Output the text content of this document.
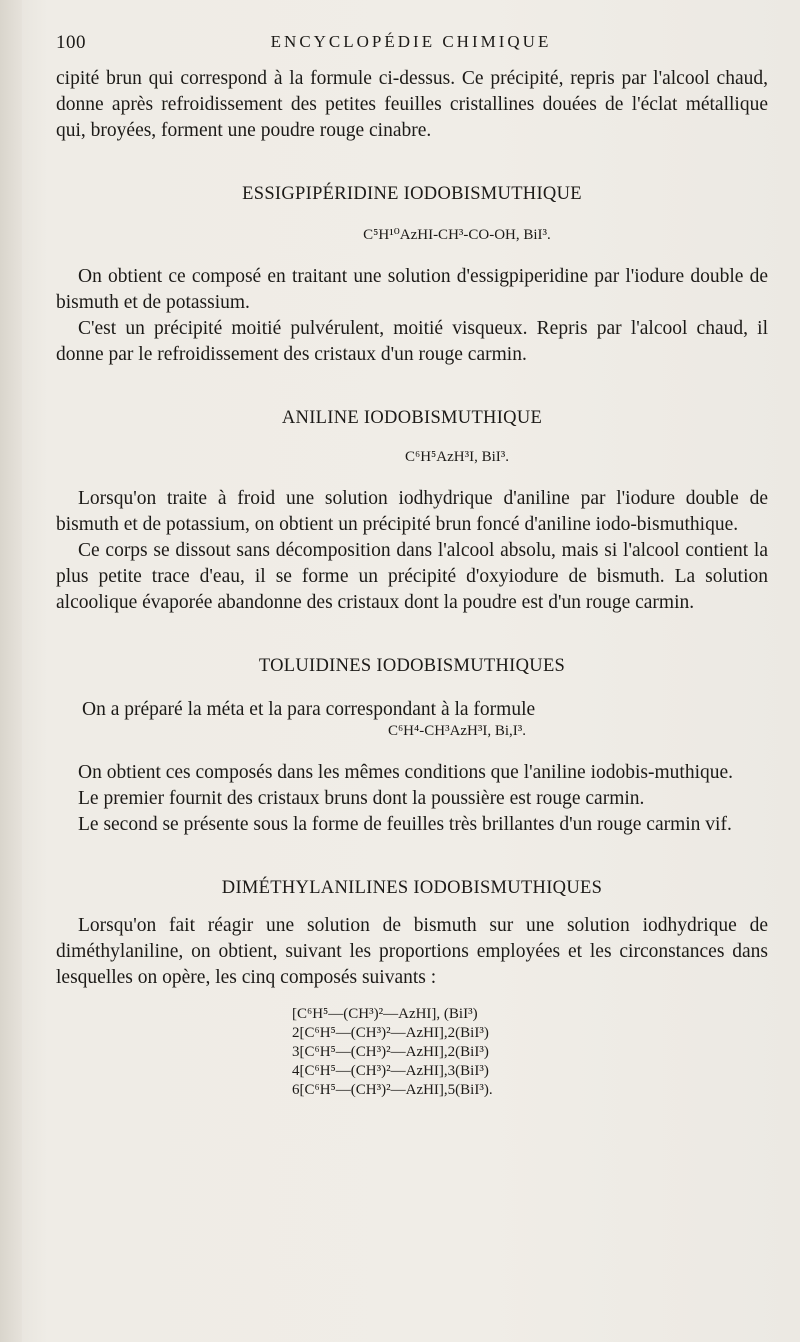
100	ENCYCLOPÉDIE CHIMIQUE

cipité brun qui correspond à la formule ci-dessus. Ce précipité, repris par l'alcool chaud, donne après refroidissement des petites feuilles cristallines douées de l'éclat métallique qui, broyées, forment une poudre rouge cinabre.

ESSIGPIPÉRIDINE IODOBISMUTHIQUE
C⁵H¹⁰AzHI-CH³-CO-OH, BiI³.

On obtient ce composé en traitant une solution d'essigpiperidine par l'iodure double de bismuth et de potassium.

C'est un précipité moitié pulvérulent, moitié visqueux. Repris par l'alcool chaud, il donne par le refroidissement des cristaux d'un rouge carmin.

ANILINE IODOBISMUTHIQUE
C⁶H⁵AzH³I, BiI³.

Lorsqu'on traite à froid une solution iodhydrique d'aniline par l'iodure double de bismuth et de potassium, on obtient un précipité brun foncé d'aniline iodo-bismuthique.

Ce corps se dissout sans décomposition dans l'alcool absolu, mais si l'alcool contient la plus petite trace d'eau, il se forme un précipité d'oxyiodure de bismuth. La solution alcoolique évaporée abandonne des cristaux dont la poudre est d'un rouge carmin.

TOLUIDINES IODOBISMUTHIQUES

On a préparé la méta et la para correspondant à la formule

C⁶H⁴-CH³AzH³I, Bi,I³.

On obtient ces composés dans les mêmes conditions que l'aniline iodobis-muthique.

Le premier fournit des cristaux bruns dont la poussière est rouge carmin.

Le second se présente sous la forme de feuilles très brillantes d'un rouge carmin vif.

DIMÉTHYLANILINES IODOBISMUTHIQUES

Lorsqu'on fait réagir une solution de bismuth sur une solution iodhydrique de diméthylaniline, on obtient, suivant les proportions employées et les circonstances dans lesquelles on opère, les cinq composés suivants :

[C⁶H⁵—(CH³)²—AzHI], (BiI³)
2[C⁶H⁵—(CH³)²—AzHI],2(BiI³)
3[C⁶H⁵—(CH³)²—AzHI],2(BiI³)
4[C⁶H⁵—(CH³)²—AzHI],3(BiI³)
6[C⁶H⁵—(CH³)²—AzHI],5(BiI³).
